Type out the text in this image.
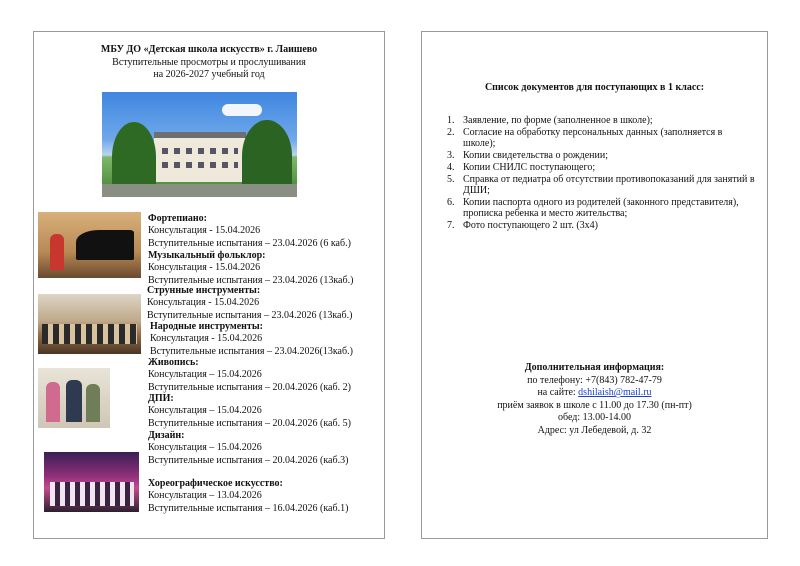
МБУ ДО «Детская школа искусств» г. Лаишево
Вступительные просмотры и прослушивания
на 2026-2027 учебный год
Фортепиано:
Консультация - 15.04.2026
Вступительные испытания – 23.04.2026 (6 каб.)
Музыкальный фольклор:
Консультация - 15.04.2026
Вступительные испытания – 23.04.2026 (13каб.)
Струнные инструменты:
Консультация - 15.04.2026
Вступительные испытания – 23.04.2026 (13каб.)
Народные инструменты:
Консультация - 15.04.2026
Вступительные испытания – 23.04.2026(13каб.)
Живопись:
Консультация – 15.04.2026
Вступительные испытания – 20.04.2026 (каб. 2)
ДПИ:
Консультация – 15.04.2026
Вступительные испытания – 20.04.2026 (каб. 5)
Дизайн:
Консультация – 15.04.2026
Вступительные испытания – 20.04.2026 (каб.3)
Хореографическое искусство:
Консультация – 13.04.2026
Вступительные испытания – 16.04.2026 (каб.1)
Список документов для поступающих в 1 класс:
1. Заявление, по форме (заполненное в школе);
2. Согласие на обработку персональных данных (заполняется в школе);
3. Копии свидетельства о рождении;
4. Копии СНИЛС поступающего;
5. Справка от педиатра об отсутствии противопоказаний для занятий в ДШИ;
6. Копии паспорта одного из родителей (законного представителя), прописка ребенка и место жительства;
7. Фото поступающего 2 шт. (3х4)
Дополнительная информация:
по телефону: +7(843) 782-47-79
на сайте: dshilaish@mail.ru
приём заявок в школе с 11.00 до 17.30 (пн-пт)
обед: 13.00-14.00
Адрес: ул Лебедевой, д. 32
